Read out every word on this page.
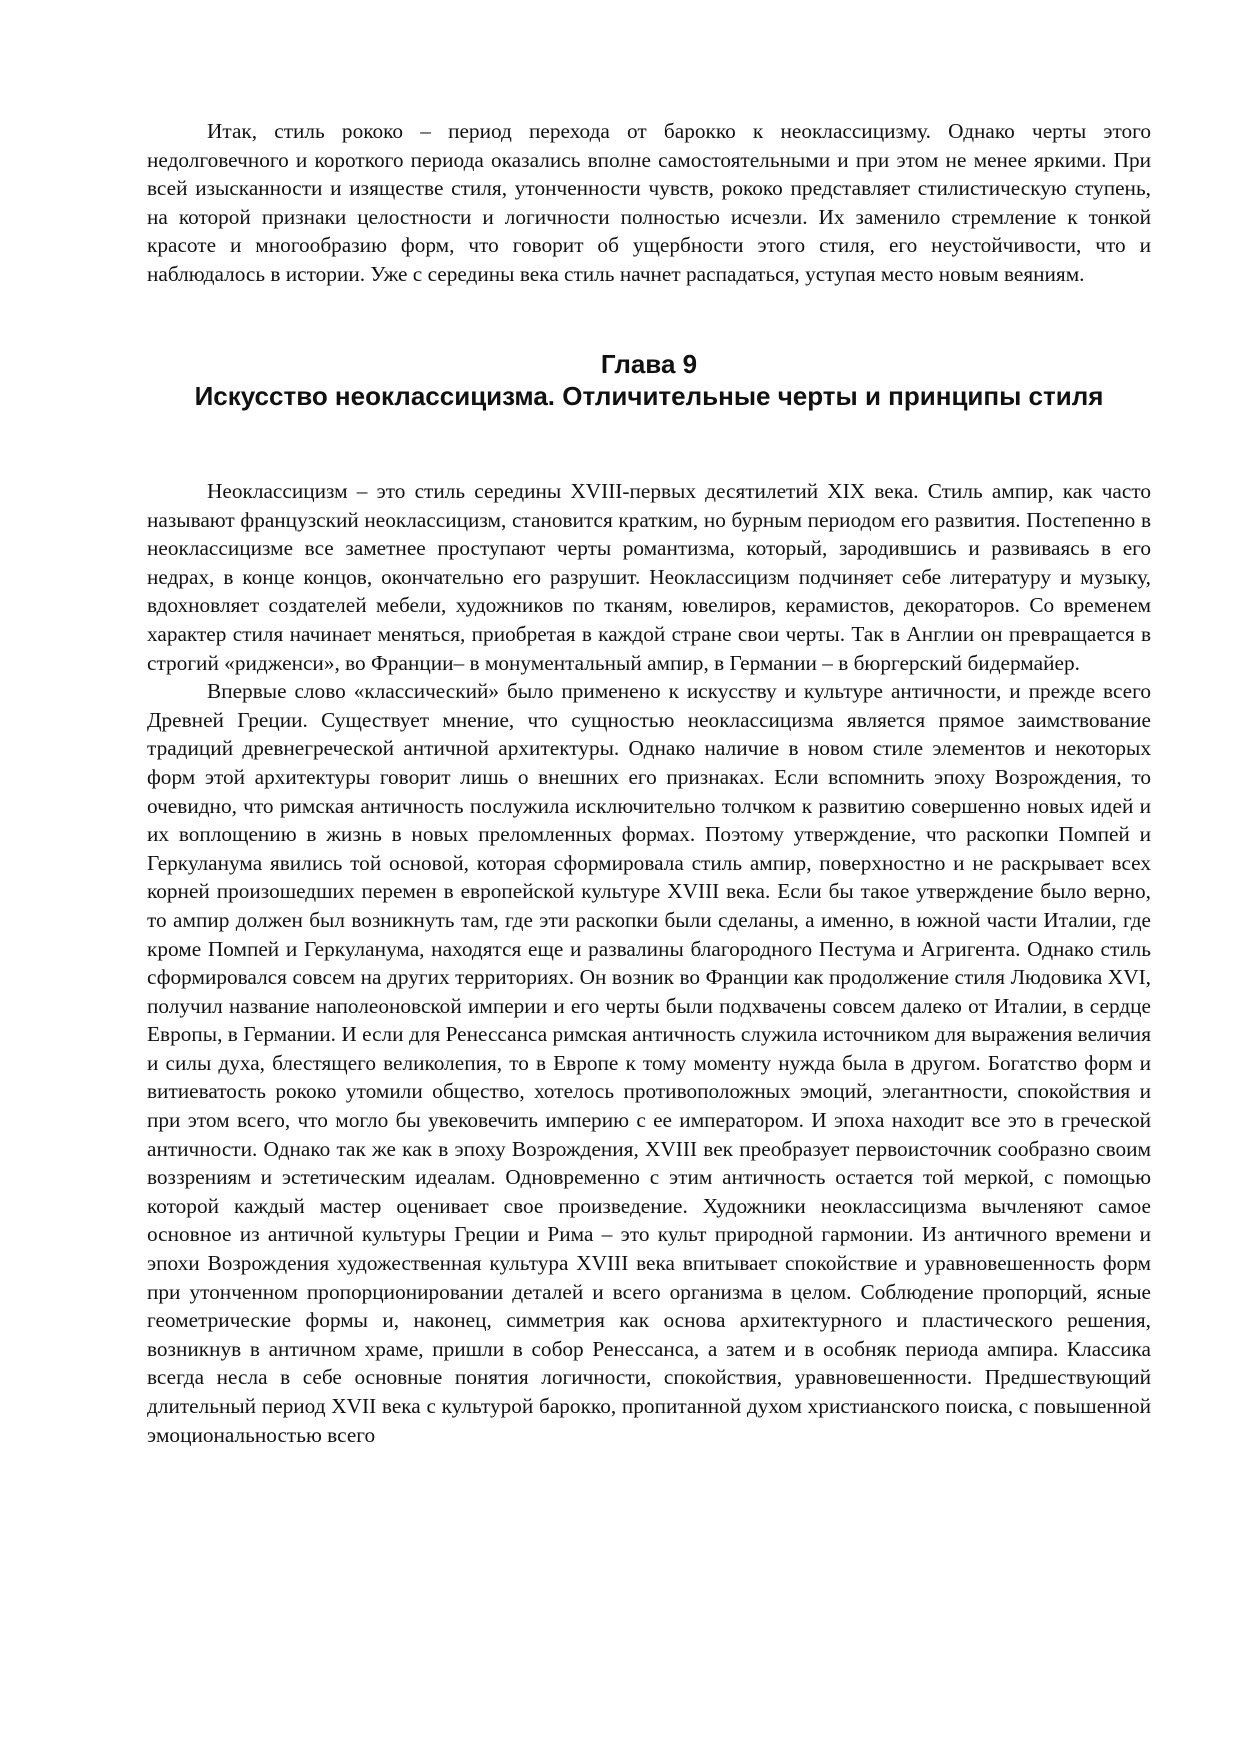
Итак, стиль рококо – период перехода от барокко к неоклассицизму. Однако черты этого недолговечного и короткого периода оказались вполне самостоятельными и при этом не менее яркими. При всей изысканности и изяществе стиля, утонченности чувств, рококо представляет стилистическую ступень, на которой признаки целостности и логичности полностью исчезли. Их заменило стремление к тонкой красоте и многообразию форм, что говорит об ущербности этого стиля, его неустойчивости, что и наблюдалось в истории. Уже с середины века стиль начнет распадаться, уступая место новым веяниям.

Глава 9
Искусство неоклассицизма. Отличительные черты и принципы стиля

Неоклассицизм – это стиль середины XVIII-первых десятилетий XIX века. Стиль ампир, как часто называют французский неоклассицизм, становится кратким, но бурным периодом его развития. Постепенно в неоклассицизме все заметнее проступают черты романтизма, который, зародившись и развиваясь в его недрах, в конце концов, окончательно его разрушит. Неоклассицизм подчиняет себе литературу и музыку, вдохновляет создателей мебели, художников по тканям, ювелиров, керамистов, декораторов. Со временем характер стиля начинает меняться, приобретая в каждой стране свои черты. Так в Англии он превращается в строгий «ридженси», во Франции– в монументальный ампир, в Германии – в бюргерский бидермайер.

Впервые слово «классический» было применено к искусству и культуре античности, и прежде всего Древней Греции. Существует мнение, что сущностью неоклассицизма является прямое заимствование традиций древнегреческой античной архитектуры. Однако наличие в новом стиле элементов и некоторых форм этой архитектуры говорит лишь о внешних его признаках. Если вспомнить эпоху Возрождения, то очевидно, что римская античность послужила исключительно толчком к развитию совершенно новых идей и их воплощению в жизнь в новых преломленных формах. Поэтому утверждение, что раскопки Помпей и Геркуланума явились той основой, которая сформировала стиль ампир, поверхностно и не раскрывает всех корней произошедших перемен в европейской культуре XVIII века. Если бы такое утверждение было верно, то ампир должен был возникнуть там, где эти раскопки были сделаны, а именно, в южной части Италии, где кроме Помпей и Геркуланума, находятся еще и развалины благородного Пестума и Агригента. Однако стиль сформировался совсем на других территориях. Он возник во Франции как продолжение стиля Людовика XVI, получил название наполеоновской империи и его черты были подхвачены совсем далеко от Италии, в сердце Европы, в Германии. И если для Ренессанса римская античность служила источником для выражения величия и силы духа, блестящего великолепия, то в Европе к тому моменту нужда была в другом. Богатство форм и витиеватость рококо утомили общество, хотелось противоположных эмоций, элегантности, спокойствия и при этом всего, что могло бы увековечить империю с ее императором. И эпоха находит все это в греческой античности. Однако так же как в эпоху Возрождения, XVIII век преобразует первоисточник сообразно своим воззрениям и эстетическим идеалам. Одновременно с этим античность остается той меркой, с помощью которой каждый мастер оценивает свое произведение. Художники неоклассицизма вычленяют самое основное из античной культуры Греции и Рима – это культ природной гармонии. Из античного времени и эпохи Возрождения художественная культура XVIII века впитывает спокойствие и уравновешенность форм при утонченном пропорционировании деталей и всего организма в целом. Соблюдение пропорций, ясные геометрические формы и, наконец, симметрия как основа архитектурного и пластического решения, возникнув в античном храме, пришли в собор Ренессанса, а затем и в особняк периода ампира. Классика всегда несла в себе основные понятия логичности, спокойствия, уравновешенности. Предшествующий длительный период XVII века с культурой барокко, пропитанной духом христианского поиска, с повышенной эмоциональностью всего
